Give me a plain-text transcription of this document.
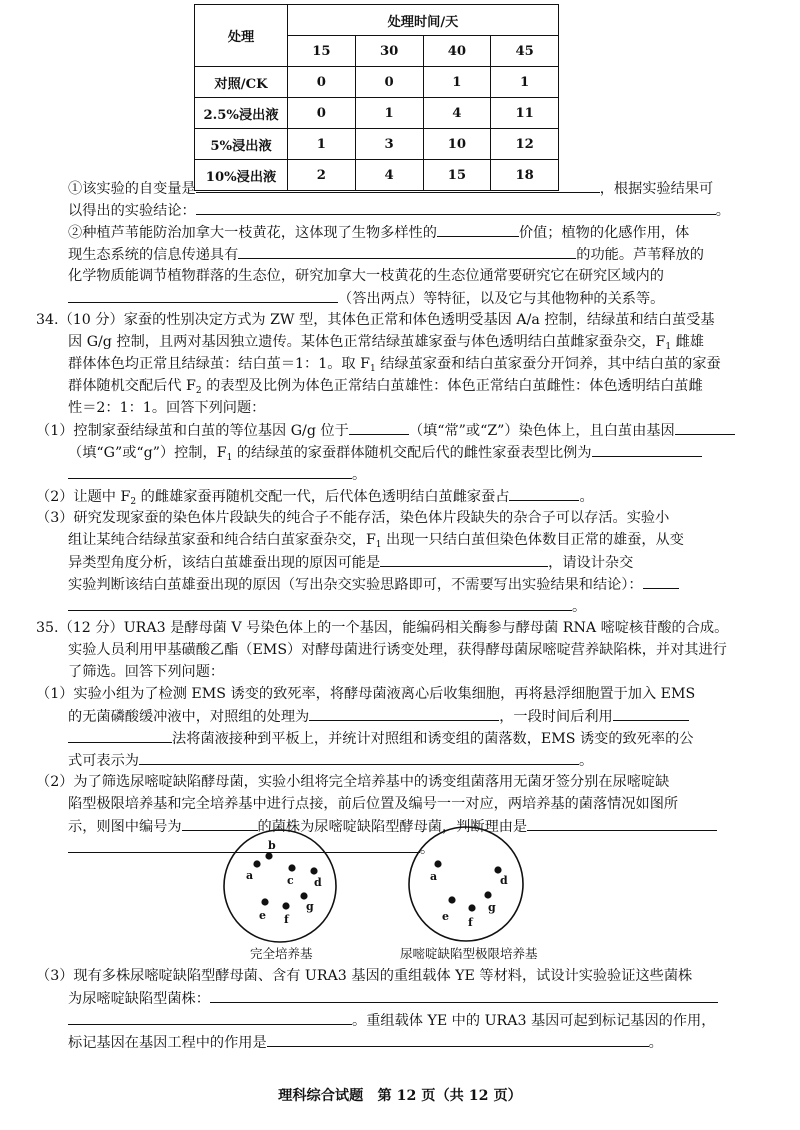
处理	处理时间/天			
	15	30	40	45
对照/CK	0	0	1	1
2.5%浸出液	0	1	4	11
5%浸出液	1	3	10	12
10%浸出液	2	4	15	18
①该实验的自变量是	，根据实验结果可
以得出的实验结论：	。
②种植芦苇能防治加拿大一枝黄花，这体现了生物多样性的	价值；植物的化感作用，体
现生态系统的信息传递具有	的功能。芦苇释放的
化学物质能调节植物群落的生态位，研究加拿大一枝黄花的生态位通常要研究它在研究区域内的
（答出两点）等特征，以及它与其他物种的关系等。
34.（10 分）家蚕的性别决定方式为 ZW 型，其体色正常和体色透明受基因 A/a 控制，结绿茧和结白茧受基
因 G/g 控制，且两对基因独立遗传。某体色正常结绿茧雄家蚕与体色透明结白茧雌家蚕杂交，$F_1$ 雌雄
群体体色均正常且结绿茧：结白茧＝1：1。取 $F_1$ 结绿茧家蚕和结白茧家蚕分开饲养，其中结白茧的家蚕
群体随机交配后代 $F_2$ 的表型及比例为体色正常结白茧雄性：体色正常结白茧雌性：体色透明结白茧雌
性＝2：1：1。回答下列问题：
（1）控制家蚕结绿茧和白茧的等位基因 G/g 位于	（填“常”或“Z”）染色体上，且白茧由基因
（填“G”或“g”）控制，$F_1$ 的结绿茧的家蚕群体随机交配后代的雌性家蚕表型比例为
。
（2）让题中 $F_2$ 的雌雄家蚕再随机交配一代，后代体色透明结白茧雌家蚕占	。
（3）研究发现家蚕的染色体片段缺失的纯合子不能存活，染色体片段缺失的杂合子可以存活。实验小
组让某纯合结绿茧家蚕和纯合结白茧家蚕杂交，$F_1$ 出现一只结白茧但染色体数目正常的雄蚕，从变
异类型角度分析，该结白茧雄蚕出现的原因可能是	，请设计杂交
实验判断该结白茧雄蚕出现的原因（写出杂交实验思路即可，不需要写出实验结果和结论）：
。
35.（12 分）URA3 是酵母菌 V 号染色体上的一个基因，能编码相关酶参与酵母菌 RNA 嘧啶核苷酸的合成。
实验人员利用甲基磺酸乙酯（EMS）对酵母菌进行诱变处理，获得酵母菌尿嘧啶营养缺陷株，并对其进行
了筛选。回答下列问题：
（1）实验小组为了检测 EMS 诱变的致死率，将酵母菌液离心后收集细胞，再将悬浮细胞置于加入 EMS
的无菌磷酸缓冲液中，对照组的处理为	，一段时间后利用
法将菌液接种到平板上，并统计对照组和诱变组的菌落数，EMS 诱变的致死率的公
式可表示为	。
（2）为了筛选尿嘧啶缺陷酵母菌，实验小组将完全培养基中的诱变组菌落用无菌牙签分别在尿嘧啶缺
陷型极限培养基和完全培养基中进行点接，前后位置及编号一一对应，两培养基的菌落情况如图所
示，则图中编号为	的菌株为尿嘧啶缺陷型酵母菌，判断理由是
。
a
b
c d
e f
g
完全培养基
a	d
e f
g
尿嘧啶缺陷型极限培养基
（3）现有多株尿嘧啶缺陷型酵母菌、含有 URA3 基因的重组载体 YE 等材料，试设计实验验证这些菌株
为尿嘧啶缺陷型菌株：
。重组载体 YE 中的 URA3 基因可起到标记基因的作用，
标记基因在基因工程中的作用是	。
理科综合试题　第 12 页（共 12 页）
